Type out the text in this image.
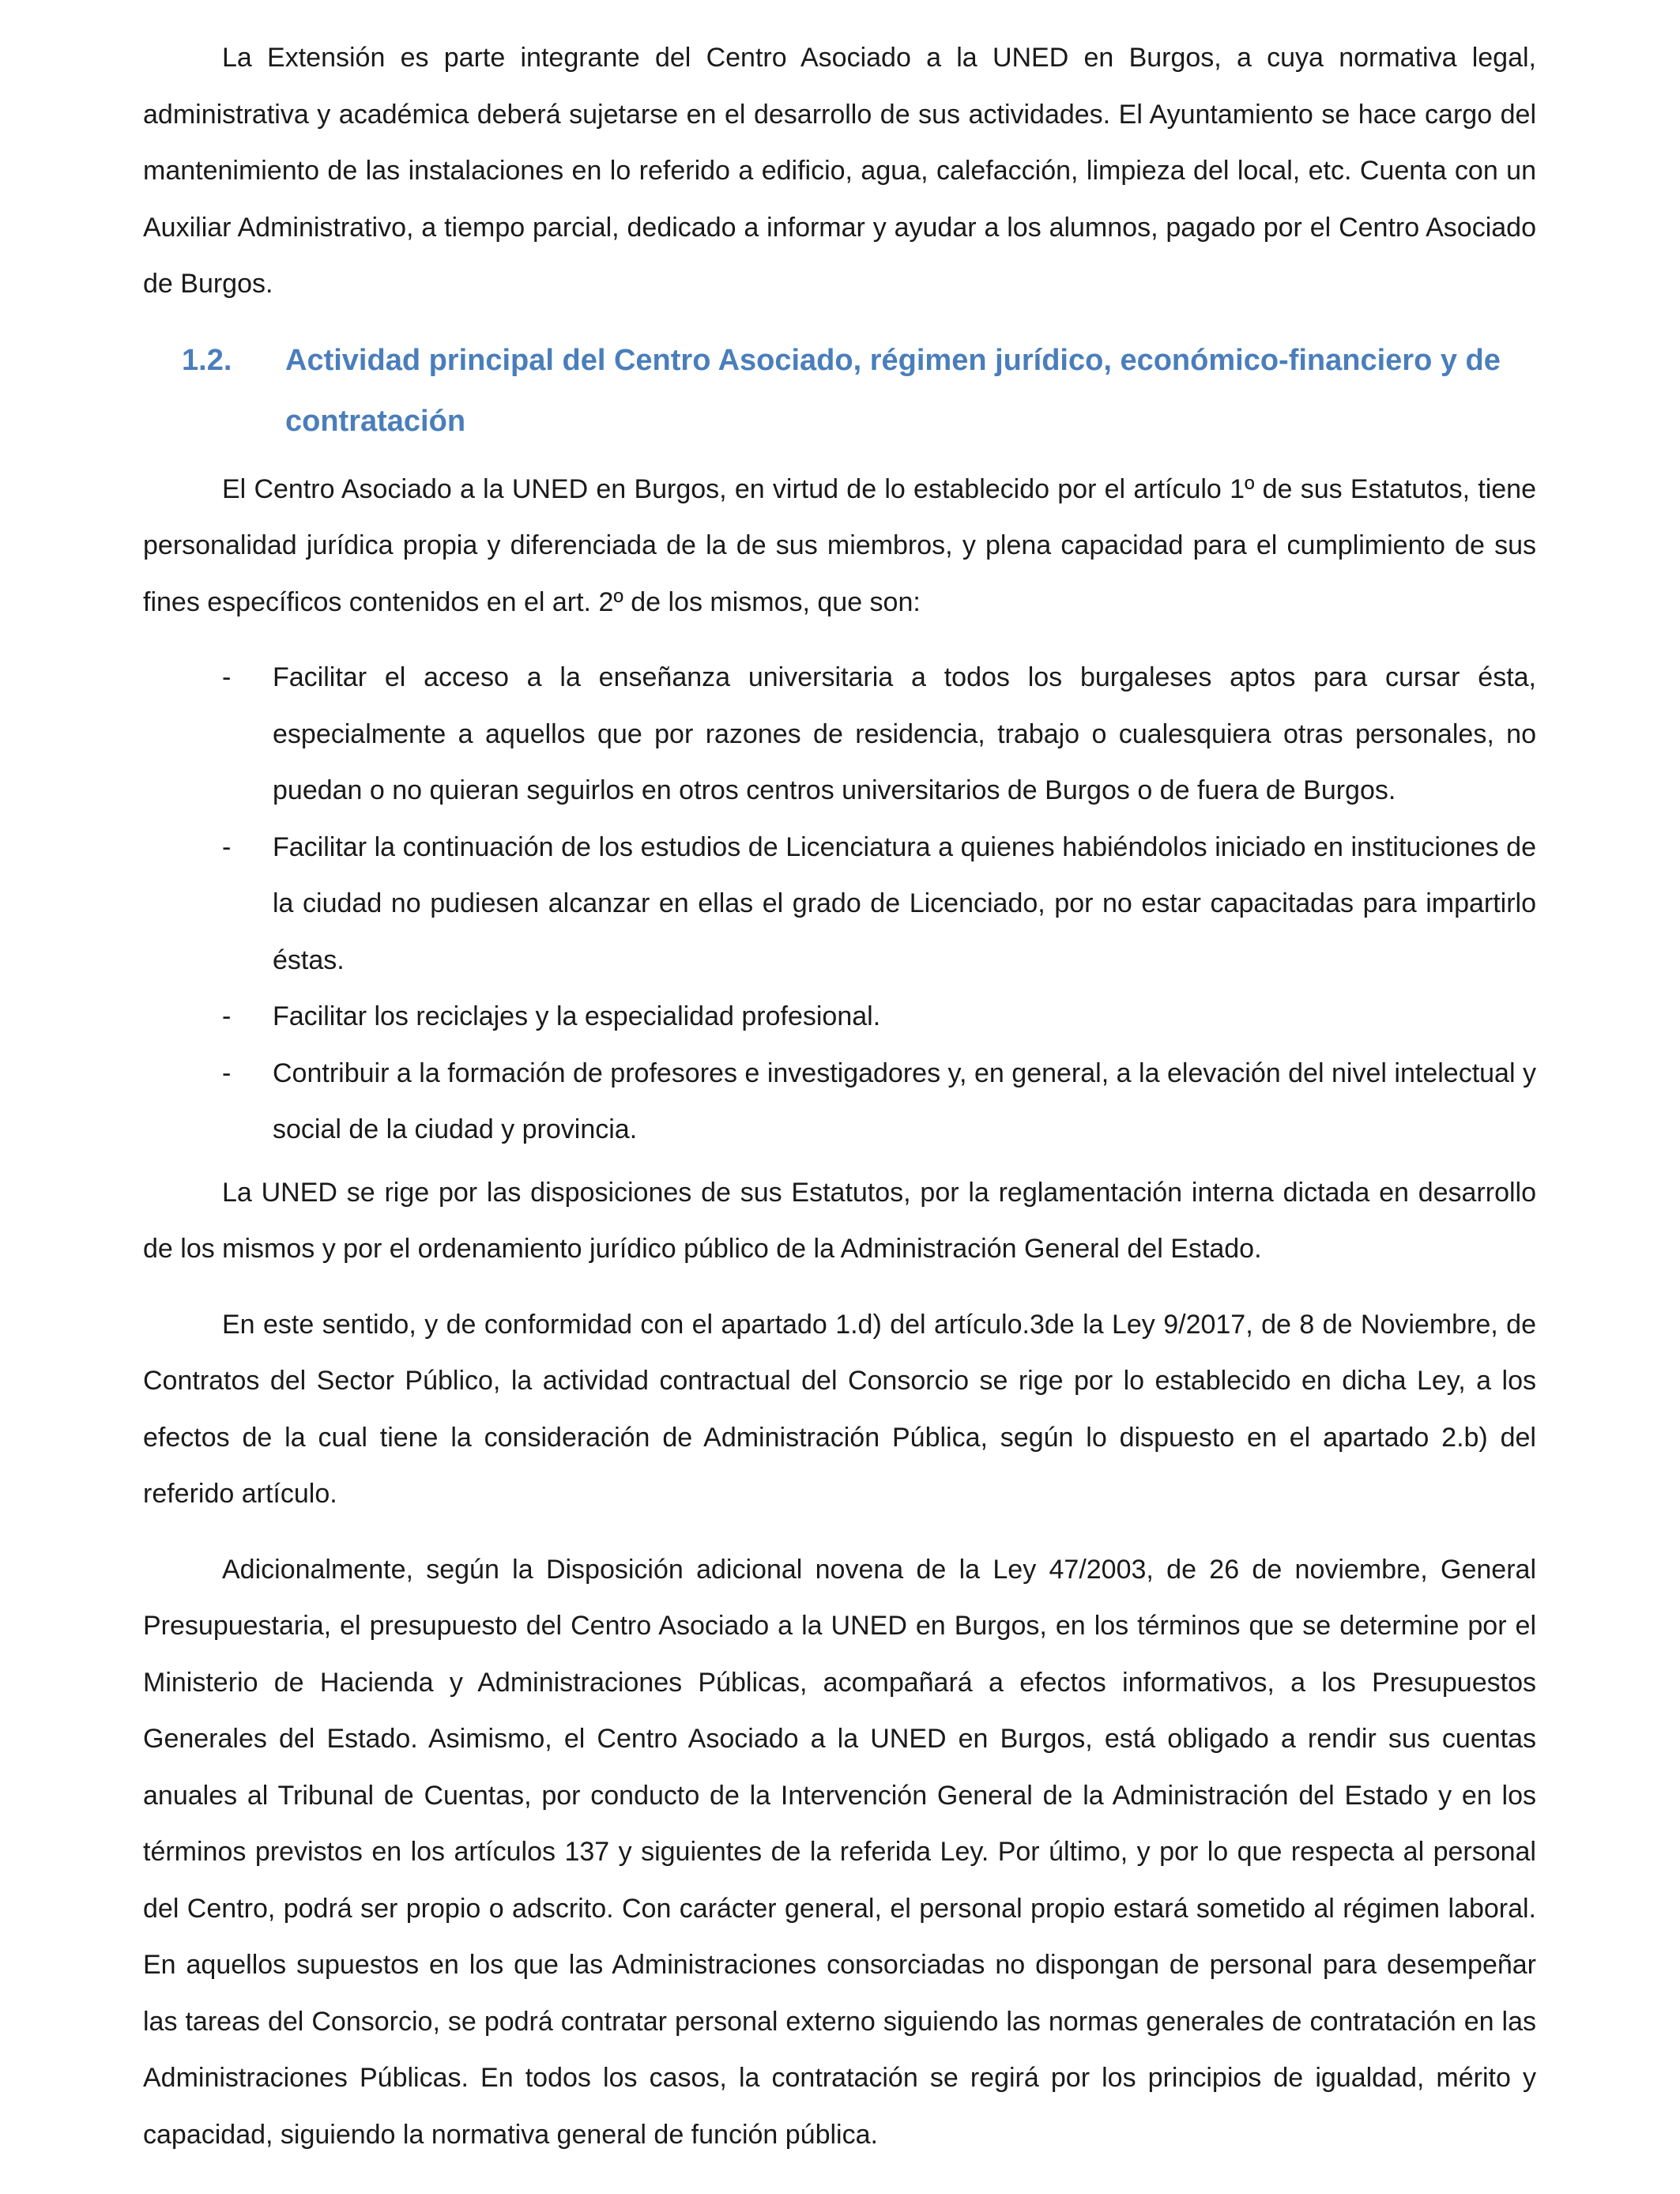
La Extensión es parte integrante del Centro Asociado a la UNED en Burgos, a cuya normativa legal, administrativa y académica deberá sujetarse en el desarrollo de sus actividades. El Ayuntamiento se hace cargo del mantenimiento de las instalaciones en lo referido a edificio, agua, calefacción, limpieza del local, etc. Cuenta con un Auxiliar Administrativo, a tiempo parcial, dedicado a informar y ayudar a los alumnos, pagado por el Centro Asociado de Burgos.

1.2.	Actividad principal del Centro Asociado, régimen jurídico, económico-financiero y de contratación

El Centro Asociado a la UNED en Burgos, en virtud de lo establecido por el artículo 1º de sus Estatutos, tiene personalidad jurídica propia y diferenciada de la de sus miembros, y plena capacidad para el cumplimiento de sus fines específicos contenidos en el art. 2º de los mismos, que son:

-	Facilitar el acceso a la enseñanza universitaria a todos los burgaleses aptos para cursar ésta, especialmente a aquellos que por razones de residencia, trabajo o cualesquiera otras personales, no puedan o no quieran seguirlos en otros centros universitarios de Burgos o de fuera de Burgos.
-	Facilitar la continuación de los estudios de Licenciatura a quienes habiéndolos iniciado en instituciones de la ciudad no pudiesen alcanzar en ellas el grado de Licenciado, por no estar capacitadas para impartirlo éstas.
-	Facilitar los reciclajes y la especialidad profesional.
-	Contribuir a la formación de profesores e investigadores y, en general, a la elevación del nivel intelectual y social de la ciudad y provincia.

La UNED se rige por las disposiciones de sus Estatutos, por la reglamentación interna dictada en desarrollo de los mismos y por el ordenamiento jurídico público de la Administración General del Estado.

En este sentido, y de conformidad con el apartado 1.d) del artículo.3de la Ley 9/2017, de 8 de Noviembre, de Contratos del Sector Público, la actividad contractual del Consorcio se rige por lo establecido en dicha Ley, a los efectos de la cual tiene la consideración de Administración Pública, según lo dispuesto en el apartado 2.b) del referido artículo.

Adicionalmente, según la Disposición adicional novena de la Ley 47/2003, de 26 de noviembre, General Presupuestaria, el presupuesto del Centro Asociado a la UNED en Burgos, en los términos que se determine por el Ministerio de Hacienda y Administraciones Públicas, acompañará a efectos informativos, a los Presupuestos Generales del Estado. Asimismo, el Centro Asociado a la UNED en Burgos, está obligado a rendir sus cuentas anuales al Tribunal de Cuentas, por conducto de la Intervención General de la Administración del Estado y en los términos previstos en los artículos 137 y siguientes de la referida Ley. Por último, y por lo que respecta al personal del Centro, podrá ser propio o adscrito. Con carácter general, el personal propio estará sometido al régimen laboral. En aquellos supuestos en los que las Administraciones consorciadas no dispongan de personal para desempeñar las tareas del Consorcio, se podrá contratar personal externo siguiendo las normas generales de contratación en las Administraciones Públicas. En todos los casos, la contratación se regirá por los principios de igualdad, mérito y capacidad, siguiendo la normativa general de función pública.
